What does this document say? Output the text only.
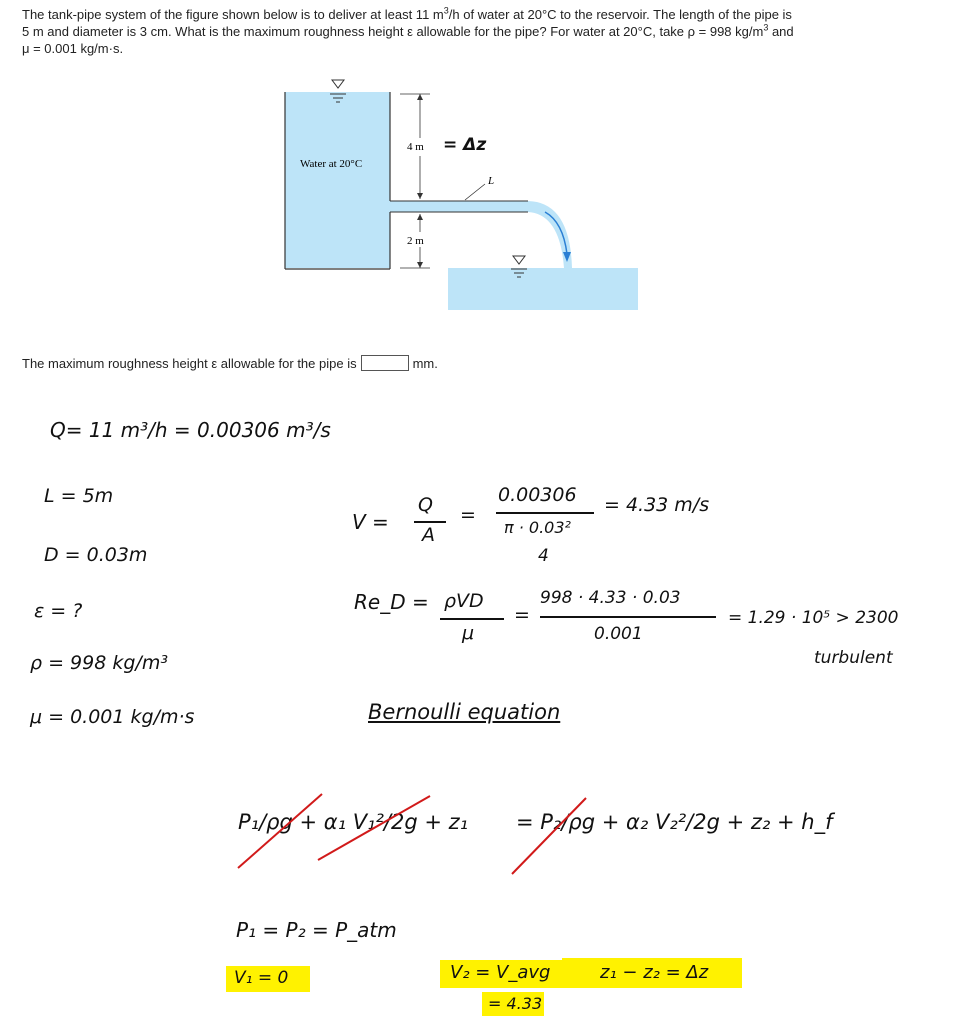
The tank-pipe system of the figure shown below is to deliver at least 11 $m^3/h$ of water at 20°C to the reservoir. The length of the pipe is
5 m and diameter is 3 cm. What is the maximum roughness height ε allowable for the pipe? For water at 20°C, take ρ = 998 $kg/m^3$ and
μ = 0.001 kg/m·s.
4 m
2 m
L
Water at 20°C
= Δz
The maximum roughness height ε allowable for the pipe is	mm.
Q= 11 m³/h = 0.00306 m³/s
L = 5m
D = 0.03m
ε = ?
ρ = 998 kg/m³
μ = 0.001 kg/m·s
V =
Q
A
=
0.00306
π · 0.03²
4
= 4.33 m/s
Re_D = ρVD
μ
=
998 · 4.33 · 0.03
0.001
= 1.29 · 10⁵ > 2300
turbulent
Bernoulli equation
P₁/ρg + α₁ V₁²/2g + z₁ = P₂/ρg + α₂ V₂²/2g + z₂ + h_f
P₁ = P₂ = P_atm
V₁ = 0	V₂ = V_avg
= 4.33
z₁ − z₂ = Δz
